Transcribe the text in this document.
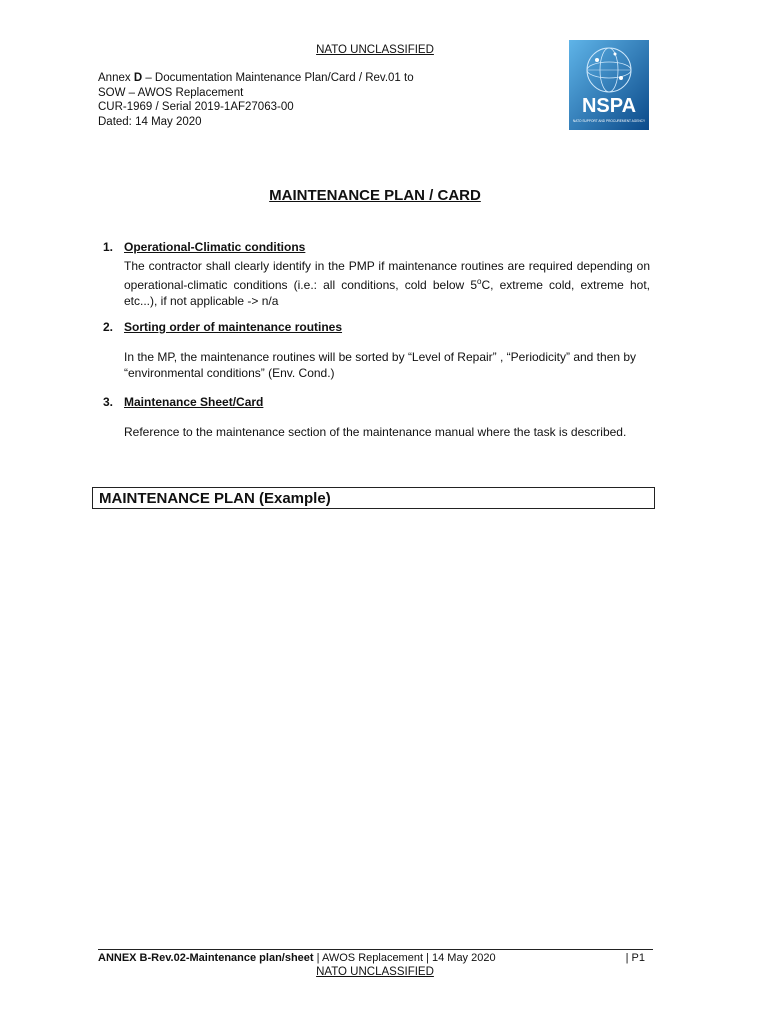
NATO UNCLASSIFIED
Annex D – Documentation Maintenance Plan/Card / Rev.01 to
SOW – AWOS Replacement
CUR-1969 / Serial 2019-1AF27063-00
Dated: 14 May 2020
NSPA
NATO SUPPORT AND PROCUREMENT AGENCY
MAINTENANCE PLAN / CARD
1. Operational-Climatic conditions
The contractor shall clearly identify in the PMP if maintenance routines are required depending on operational-climatic conditions (i.e.: all conditions, cold below 5$^o$C, extreme cold, extreme hot, etc...), if not applicable -> n/a
2. Sorting order of maintenance routines
In the MP, the maintenance routines will be sorted by “Level of Repair” , “Periodicity” and then by “environmental conditions” (Env. Cond.)
3. Maintenance Sheet/Card
Reference to the maintenance section of the maintenance manual where the task is described.
MAINTENANCE PLAN (Example)
ANNEX B-Rev.02-Maintenance plan/sheet | AWOS Replacement | 14 May 2020	| P1
NATO UNCLASSIFIED
